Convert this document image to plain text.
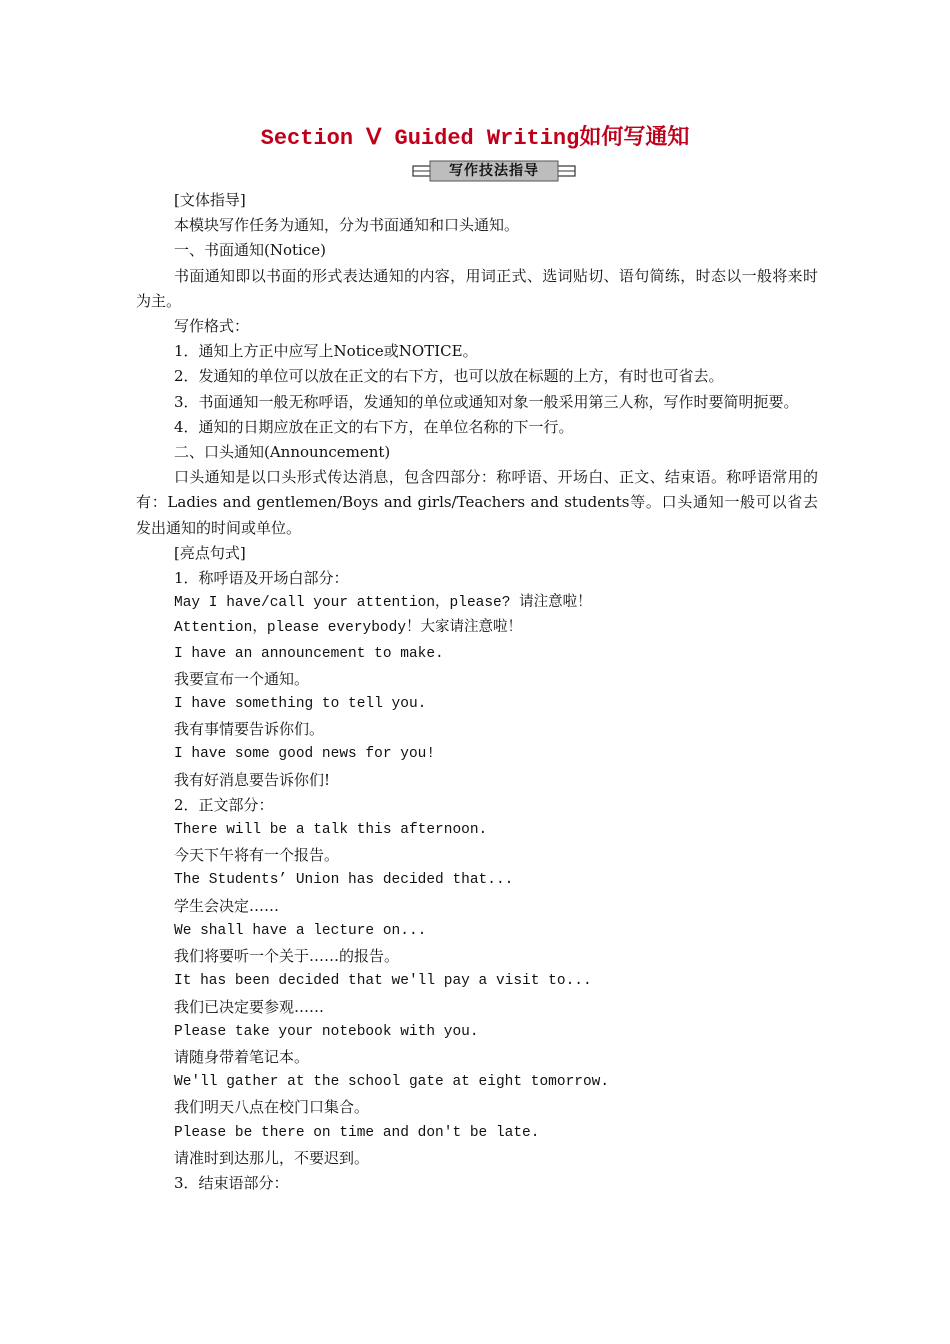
Section Ⅴ Guided Writing如何写通知
写作技法指导

[文体指导]

本模块写作任务为通知，分为书面通知和口头通知。

一、书面通知(Notice)

书面通知即以书面的形式表达通知的内容，用词正式、选词贴切、语句简练，时态以一般将来时为主。

写作格式：

1．通知上方正中应写上Notice或NOTICE。

2．发通知的单位可以放在正文的右下方，也可以放在标题的上方，有时也可省去。

3．书面通知一般无称呼语，发通知的单位或通知对象一般采用第三人称，写作时要简明扼要。

4．通知的日期应放在正文的右下方，在单位名称的下一行。

二、口头通知(Announcement)

口头通知是以口头形式传达消息，包含四部分：称呼语、开场白、正文、结束语。称呼语常用的有：Ladies and gentlemen/Boys and girls/Teachers and students等。口头通知一般可以省去发出通知的时间或单位。

[亮点句式]

1．称呼语及开场白部分：

May I have/call your attention，please? 请注意啦！

Attention，please everybody！大家请注意啦！

I have an announcement to make.

我要宣布一个通知。

I have something to tell you.

我有事情要告诉你们。

I have some good news for you!

我有好消息要告诉你们!

2．正文部分：

There will be a talk this afternoon.

今天下午将有一个报告。

The Students’ Union has decided that...

学生会决定……

We shall have a lecture on...

我们将要听一个关于……的报告。

It has been decided that we'll pay a visit to...

我们已决定要参观……

Please take your notebook with you.

请随身带着笔记本。

We'll gather at the school gate at eight tomorrow.

我们明天八点在校门口集合。

Please be there on time and don't be late.

请准时到达那儿，不要迟到。

3．结束语部分：
